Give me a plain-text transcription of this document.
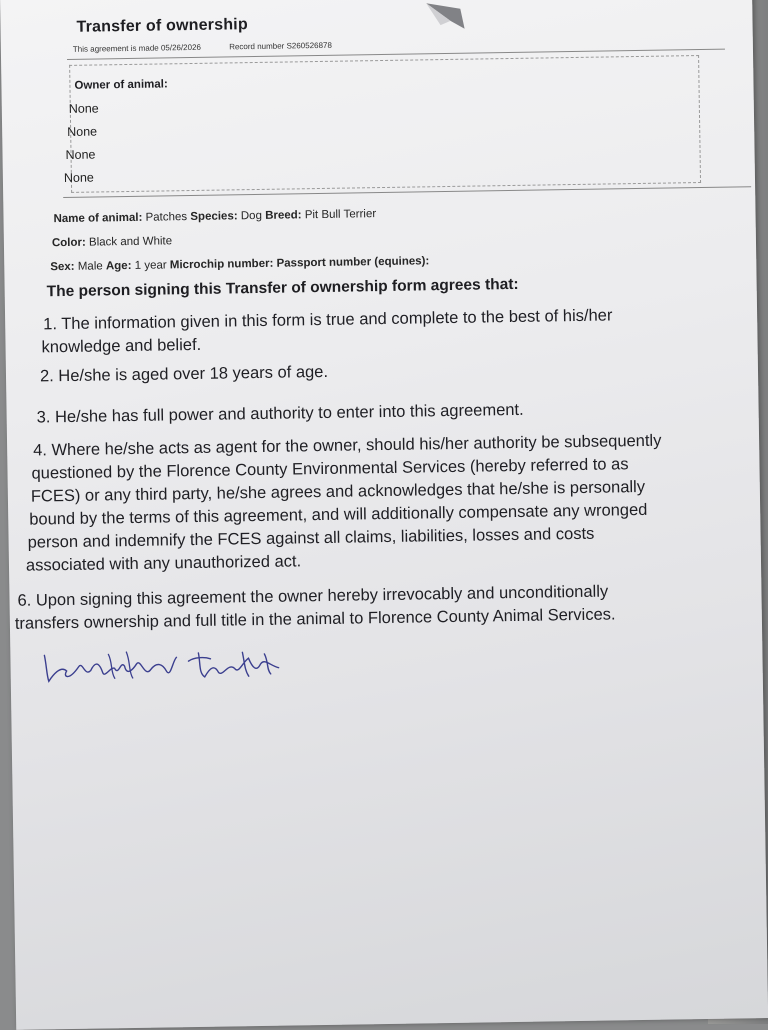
Transfer of ownership
This agreement is made 05/26/2026	Record number S260526878
Owner of animal:
None
None
None
None
Name of animal: Patches Species: Dog Breed: Pit Bull Terrier
Color: Black and White
Sex: Male Age: 1 year Microchip number: Passport number (equines):
The person signing this Transfer of ownership form agrees that:
1. The information given in this form is true and complete to the best of his/her
knowledge and belief.
2. He/she is aged over 18 years of age.
3. He/she has full power and authority to enter into this agreement.
4. Where he/she acts as agent for the owner, should his/her authority be subsequently
questioned by the Florence County Environmental Services (hereby referred to as
FCES) or any third party, he/she agrees and acknowledges that he/she is personally
bound by the terms of this agreement, and will additionally compensate any wronged
person and indemnify the FCES against all claims, liabilities, losses and costs
associated with any unauthorized act.
6. Upon signing this agreement the owner hereby irrevocably and unconditionally
transfers ownership and full title in the animal to Florence County Animal Services.
